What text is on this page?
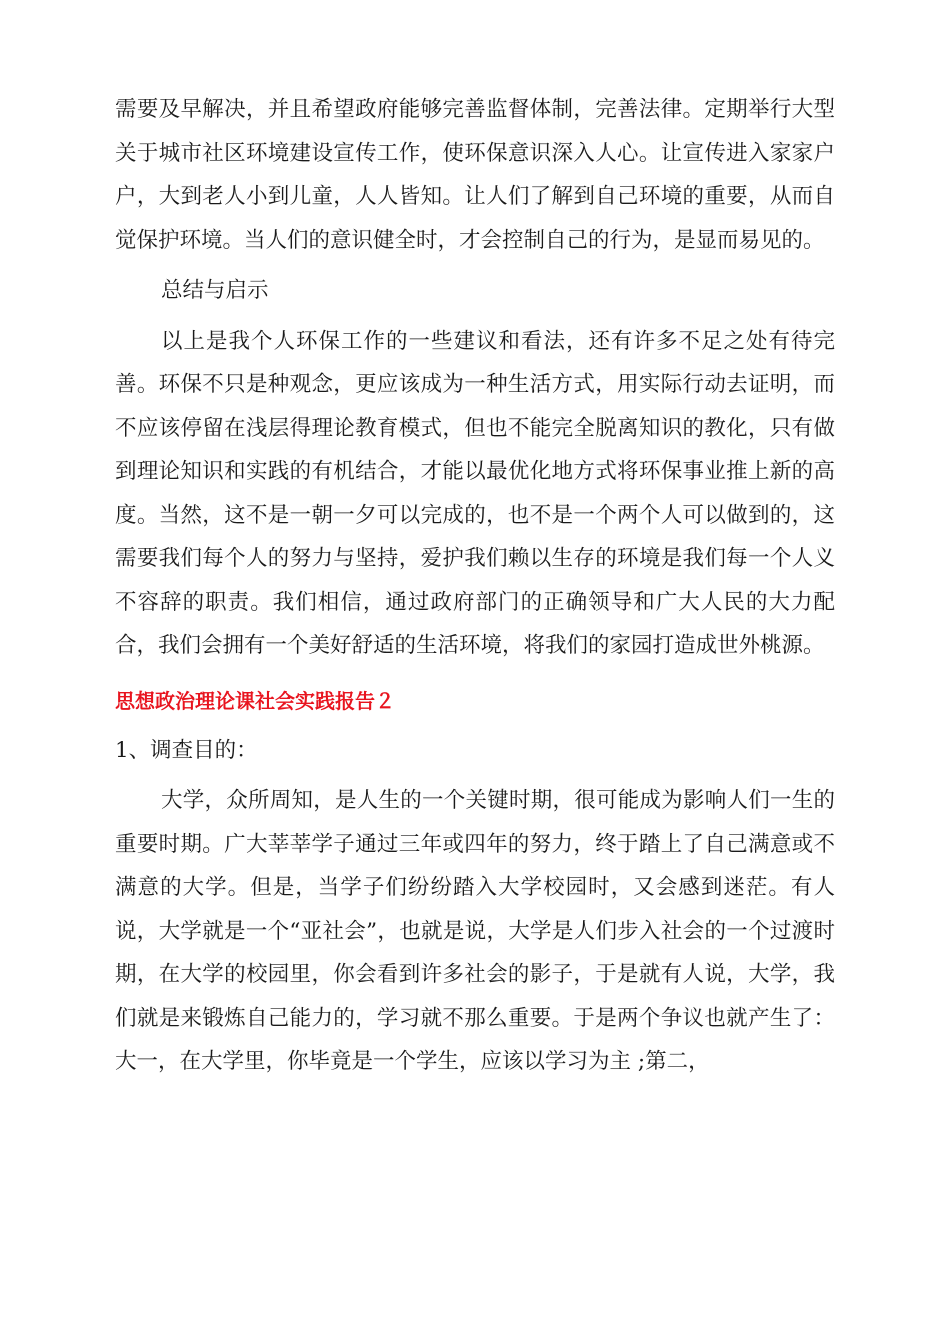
需要及早解决，并且希望政府能够完善监督体制，完善法律。定期举行大型关于城市社区环境建设宣传工作，使环保意识深入人心。让宣传进入家家户户，大到老人小到儿童，人人皆知。让人们了解到自己环境的重要，从而自觉保护环境。当人们的意识健全时，才会控制自己的行为，是显而易见的。

总结与启示

以上是我个人环保工作的一些建议和看法，还有许多不足之处有待完善。环保不只是种观念，更应该成为一种生活方式，用实际行动去证明，而不应该停留在浅层得理论教育模式，但也不能完全脱离知识的教化，只有做到理论知识和实践的有机结合，才能以最优化地方式将环保事业推上新的高度。当然，这不是一朝一夕可以完成的，也不是一个两个人可以做到的，这需要我们每个人的努力与坚持，爱护我们赖以生存的环境是我们每一个人义不容辞的职责。我们相信，通过政府部门的正确领导和广大人民的大力配合，我们会拥有一个美好舒适的生活环境，将我们的家园打造成世外桃源。

思想政治理论课社会实践报告２

1、调查目的：

大学，众所周知，是人生的一个关键时期，很可能成为影响人们一生的重要时期。广大莘莘学子通过三年或四年的努力，终于踏上了自己满意或不满意的大学。但是，当学子们纷纷踏入大学校园时，又会感到迷茫。有人说，大学就是一个“亚社会”，也就是说，大学是人们步入社会的一个过渡时期，在大学的校园里，你会看到许多社会的影子，于是就有人说，大学，我们就是来锻炼自己能力的，学习就不那么重要。于是两个争议也就产生了：大一，在大学里，你毕竟是一个学生，应该以学习为主 ;第二，
